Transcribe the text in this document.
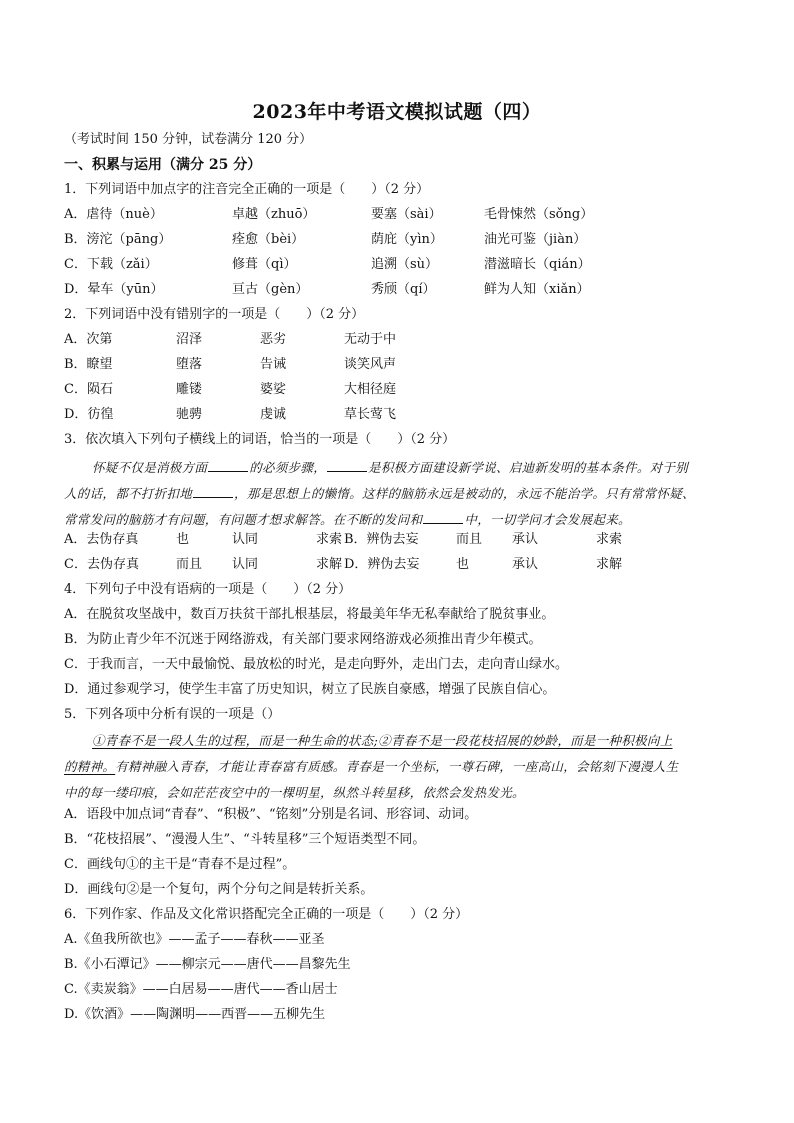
2023年中考语文模拟试题（四）
（考试时间 150 分钟，试卷满分 120 分）
一、积累与运用（满分 25 分）
1．下列词语中加点字的注音完全正确的一项是（　　）（2 分）
A．虐待（nuè）	卓越（zhuō）	要塞（sài）	毛骨悚然（sǒng）
B．滂沱（pāng）	痊愈（bèi）	荫庇（yìn）	油光可鉴（jiàn）
C．下载（zǎi）	修葺（qì）	追溯（sù）	潜滋暗长（qián）
D．晕车（yūn）	亘古（gèn）	秀颀（qí）	鲜为人知（xiǎn）
2．下列词语中没有错别字的一项是（　　）（2 分）
A．次第	沼泽	恶劣	无动于中
B．瞭望	堕落	告诫	谈笑风声
C．陨石	雕镂	婆娑	大相径庭
D．彷徨	驰骋	虔诚	草长莺飞
3．依次填入下列句子横线上的词语，恰当的一项是（　　）（2 分）
怀疑不仅是消极方面	的必须步骤，	是积极方面建设新学说、启迪新发明的基本条件。对于别
人的话，都不打折扣地	，那是思想上的懒惰。这样的脑筋永远是被动的，永远不能治学。只有常常怀疑、
常常发问的脑筋才有问题，有问题才想求解答。在不断的发问和	中，一切学问才会发展起来。
A．去伪存真	也	认同	求索 B．辨伪去妄	而且 承认	求索
C．去伪存真	而且 认同	求解 D．辨伪去妄	也	承认	求解
4．下列句子中没有语病的一项是（　　）（2 分）
A．在脱贫攻坚战中，数百万扶贫干部扎根基层，将最美年华无私奉献给了脱贫事业。
B．为防止青少年不沉迷于网络游戏，有关部门要求网络游戏必须推出青少年模式。
C．于我而言，一天中最愉悦、最放松的时光，是走向野外，走出门去，走向青山绿水。
D．通过参观学习，使学生丰富了历史知识，树立了民族自豪感，增强了民族自信心。
5．下列各项中分析有误的一项是（）
①青春不是一段人生的过程，而是一种生命的状态;②青春不是一段花枝招展的妙龄，而是一种积极向上
的精神。有精神融入青春，才能让青春富有质感。青春是一个坐标，一尊石碑，一座高山，会铭刻下漫漫人生
中的每一缕印痕，会如茫茫夜空中的一棵明星，纵然斗转星移，依然会发热发光。
A．语段中加点词“青春”、“积极”、“铭刻”分别是名词、形容词、动词。
B．“花枝招展”、“漫漫人生”、“斗转星移”三个短语类型不同。
C．画线句①的主干是“青春不是过程”。
D．画线句②是一个复句，两个分句之间是转折关系。
6．下列作家、作品及文化常识搭配完全正确的一项是（　　）（2 分）
A.《鱼我所欲也》——孟子——春秋——亚圣
B.《小石潭记》——柳宗元——唐代——昌黎先生
C.《卖炭翁》——白居易——唐代——香山居士
D.《饮酒》——陶渊明——西晋——五柳先生
